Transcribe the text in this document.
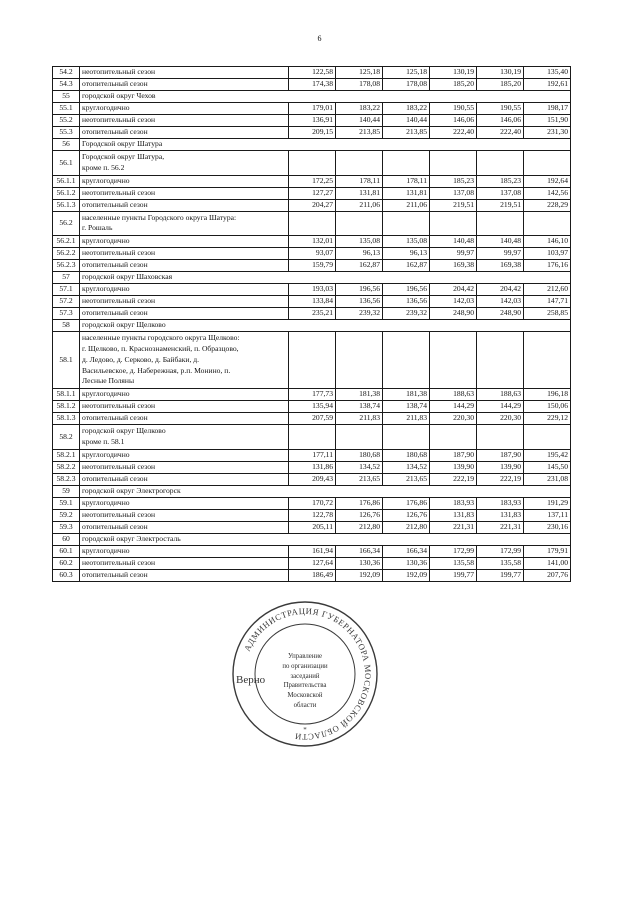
6
54.2	неотопительный сезон	122,58	125,18	125,18	130,19	130,19	135,40
54.3	отопительный сезон	174,38	178,08	178,08	185,20	185,20	192,61
55	городской округ Чехов						
55.1	круглогодично	179,01	183,22	183,22	190,55	190,55	198,17
55.2	неотопительный сезон	136,91	140,44	140,44	146,06	146,06	151,90
55.3	отопительный сезон	209,15	213,85	213,85	222,40	222,40	231,30
56	Городской округ Шатура						
56.1	Городской округ Шатура,
кроме п. 56.2						

56.1.1	круглогодично	172,25	178,11	178,11	185,23	185,23	192,64
56.1.2	неотопительный сезон	127,27	131,81	131,81	137,08	137,08	142,56
56.1.3	отопительный сезон	204,27	211,06	211,06	219,51	219,51	228,29
56.2	населенные пункты Городского округа Шатура:
г. Рошаль						

56.2.1	круглогодично	132,01	135,08	135,08	140,48	140,48	146,10
56.2.2	неотопительный сезон	93,07	96,13	96,13	99,97	99,97	103,97
56.2.3	отопительный сезон	159,79	162,87	162,87	169,38	169,38	176,16
57	городской округ Шаховская						
57.1	круглогодично	193,03	196,56	196,56	204,42	204,42	212,60
57.2	неотопительный сезон	133,84	136,56	136,56	142,03	142,03	147,71
57.3	отопительный сезон	235,21	239,32	239,32	248,90	248,90	258,85
58	городской округ Щелково						
58.1	населенные пункты городского округа Щелково:
г. Щелково, п. Краснознаменский, п. Образцово,
д. Ледово, д. Серково, д. Байбаки, д.
Васильевское, д. Набережная, р.п. Монино, п.
Лесные Поляны						

58.1.1	круглогодично	177,73	181,38	181,38	188,63	188,63	196,18
58.1.2	неотопительный сезон	135,94	138,74	138,74	144,29	144,29	150,06
58.1.3	отопительный сезон	207,59	211,83	211,83	220,30	220,30	229,12
58.2	городской округ Щелково
кроме п. 58.1						

58.2.1	круглогодично	177,11	180,68	180,68	187,90	187,90	195,42
58.2.2	неотопительный сезон	131,86	134,52	134,52	139,90	139,90	145,50
58.2.3	отопительный сезон	209,43	213,65	213,65	222,19	222,19	231,08
59	городской округ Электрогорск						
59.1	круглогодично	170,72	176,86	176,86	183,93	183,93	191,29
59.2	неотопительный сезон	122,78	126,76	126,76	131,83	131,83	137,11
59.3	отопительный сезон	205,11	212,80	212,80	221,31	221,31	230,16
60	городской округ Электросталь						
60.1	круглогодично	161,94	166,34	166,34	172,99	172,99	179,91
60.2	неотопительный сезон	127,64	130,36	130,36	135,58	135,58	141,00
60.3	отопительный сезон	186,49	192,09	192,09	199,77	199,77	207,76
АДМИНИСТРАЦИЯ ГУБЕРНАТОРА МОСКОВСКОЙ ОБЛАСТИ
*
Управление
по организации
заседаний
Правительства
Московской
области
Верно
